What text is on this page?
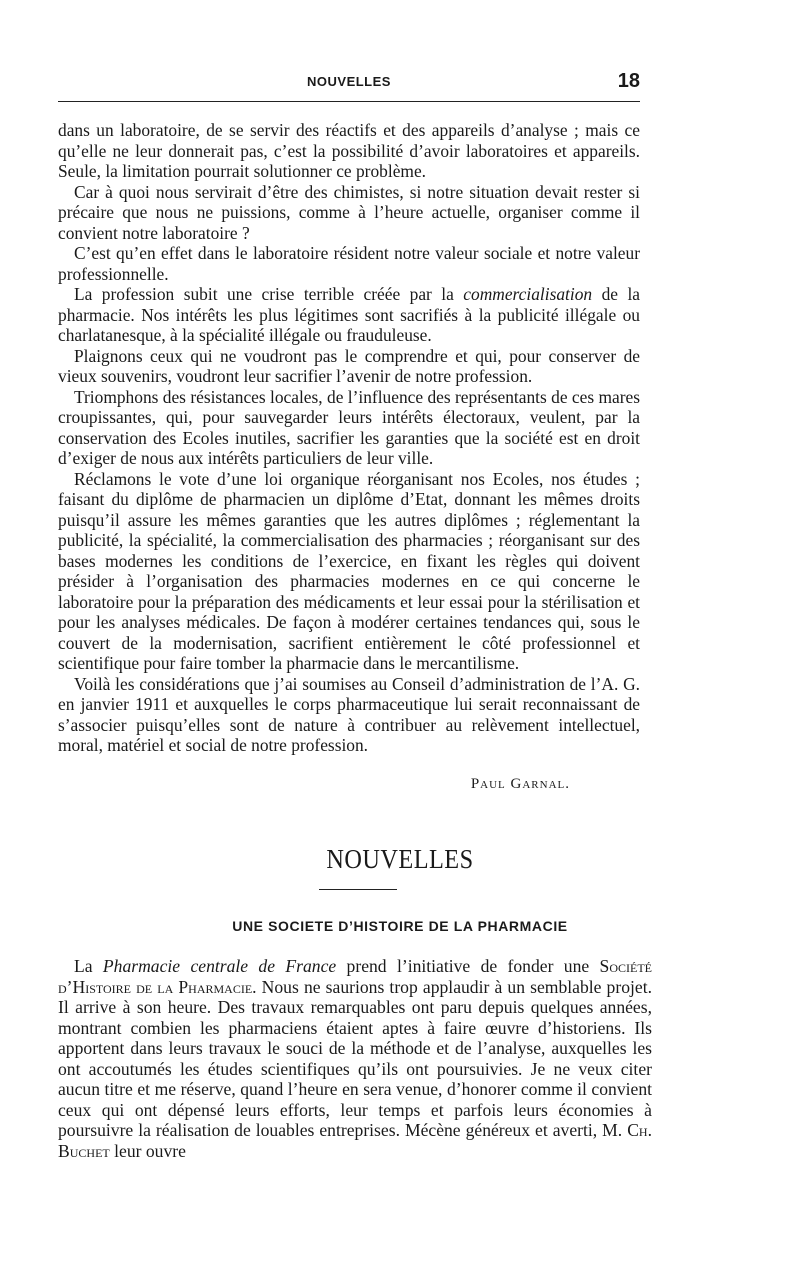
NOUVELLES	18

dans un laboratoire, de se servir des réactifs et des appareils d’analyse ; mais ce qu’elle ne leur donnerait pas, c’est la possibilité d’avoir laboratoires et appareils. Seule, la limitation pourrait solutionner ce problème.

Car à quoi nous servirait d’être des chimistes, si notre situation devait rester si précaire que nous ne puissions, comme à l’heure actuelle, organiser comme il convient notre laboratoire ?

C’est qu’en effet dans le laboratoire résident notre valeur sociale et notre valeur professionnelle.

La profession subit une crise terrible créée par la commercialisation de la pharmacie. Nos intérêts les plus légitimes sont sacrifiés à la publicité illégale ou charlatanesque, à la spécialité illégale ou frauduleuse.

Plaignons ceux qui ne voudront pas le comprendre et qui, pour conserver de vieux souvenirs, voudront leur sacrifier l’avenir de notre profession.

Triomphons des résistances locales, de l’influence des représentants de ces mares croupissantes, qui, pour sauvegarder leurs intérêts électoraux, veulent, par la conservation des Ecoles inutiles, sacrifier les garanties que la société est en droit d’exiger de nous aux intérêts particuliers de leur ville.

Réclamons le vote d’une loi organique réorganisant nos Ecoles, nos études ; faisant du diplôme de pharmacien un diplôme d’Etat, donnant les mêmes droits puisqu’il assure les mêmes garanties que les autres diplômes ; réglementant la publicité, la spécialité, la commercialisation des pharmacies ; réorganisant sur des bases modernes les conditions de l’exercice, en fixant les règles qui doivent présider à l’organisation des pharmacies modernes en ce qui concerne le laboratoire pour la préparation des médicaments et leur essai pour la stérilisation et pour les analyses médicales. De façon à modérer certaines tendances qui, sous le couvert de la modernisation, sacrifient entièrement le côté professionnel et scientifique pour faire tomber la pharmacie dans le mercantilisme.

Voilà les considérations que j’ai soumises au Conseil d’administration de l’A. G. en janvier 1911 et auxquelles le corps pharmaceutique lui serait reconnaissant de s’associer puisqu’elles sont de nature à contribuer au relèvement intellectuel, moral, matériel et social de notre profession.

Paul Garnal.
NOUVELLES
UNE SOCIETE D’HISTOIRE DE LA PHARMACIE

La Pharmacie centrale de France prend l’initiative de fonder une Société d’Histoire de la Pharmacie. Nous ne saurions trop applaudir à un semblable projet. Il arrive à son heure. Des travaux remarquables ont paru depuis quelques années, montrant combien les pharmaciens étaient aptes à faire œuvre d’historiens. Ils apportent dans leurs travaux le souci de la méthode et de l’analyse, auxquelles les ont accoutumés les études scientifiques qu’ils ont poursuivies. Je ne veux citer aucun titre et me réserve, quand l’heure en sera venue, d’honorer comme il convient ceux qui ont dépensé leurs efforts, leur temps et parfois leurs économies à poursuivre la réalisation de louables entreprises. Mécène généreux et averti, M. Ch. Buchet leur ouvre
